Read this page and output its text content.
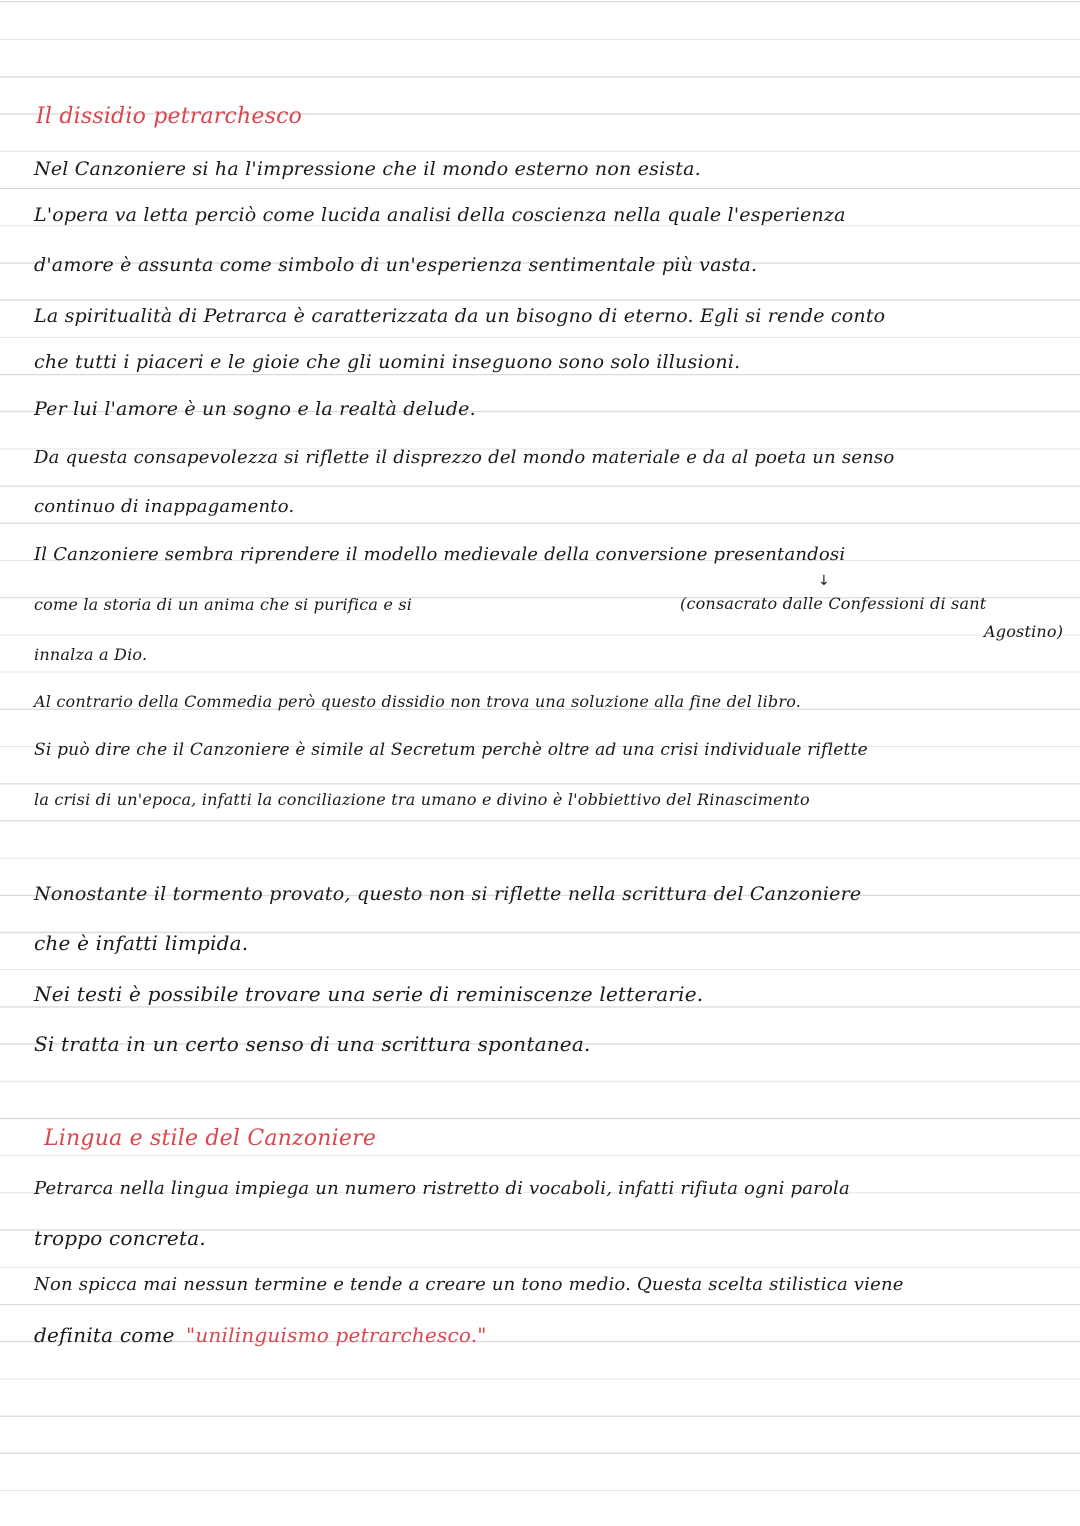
Il dissidio petrarchesco
Nel Canzoniere si ha l'impressione che il mondo esterno non esista.
L'opera va letta perciò come lucida analisi della coscienza nella quale l'esperienza
d'amore è assunta come simbolo di un'esperienza sentimentale più vasta.
La spiritualità di Petrarca è caratterizzata da un bisogno di eterno. Egli si rende conto
che tutti i piaceri e le gioie che gli uomini inseguono sono solo illusioni.
Per lui l'amore è un sogno e la realtà delude.
Da questa consapevolezza si riflette il disprezzo del mondo materiale e da al poeta un senso
continuo di inappagamento.
Il Canzoniere sembra riprendere il modello medievale della conversione presentandosi
come la storia di un anima che si purifica e si
↓
(consacrato dalle Confessioni di sant
Agostino)
innalza a Dio.
Al contrario della Commedia però questo dissidio non trova una soluzione alla fine del libro.
Si può dire che il Canzoniere è simile al Secretum perchè oltre ad una crisi individuale riflette
la crisi di un'epoca, infatti la conciliazione tra umano e divino è l'obbiettivo del Rinascimento
Nonostante il tormento provato, questo non si riflette nella scrittura del Canzoniere
che è infatti limpida.
Nei testi è possibile trovare una serie di reminiscenze letterarie.
Si tratta in un certo senso di una scrittura spontanea.
Lingua e stile del Canzoniere
Petrarca nella lingua impiega un numero ristretto di vocaboli, infatti rifiuta ogni parola
troppo concreta.
Non spicca mai nessun termine e tende a creare un tono medio. Questa scelta stilistica viene
definita come "unilinguismo petrarchesco."
